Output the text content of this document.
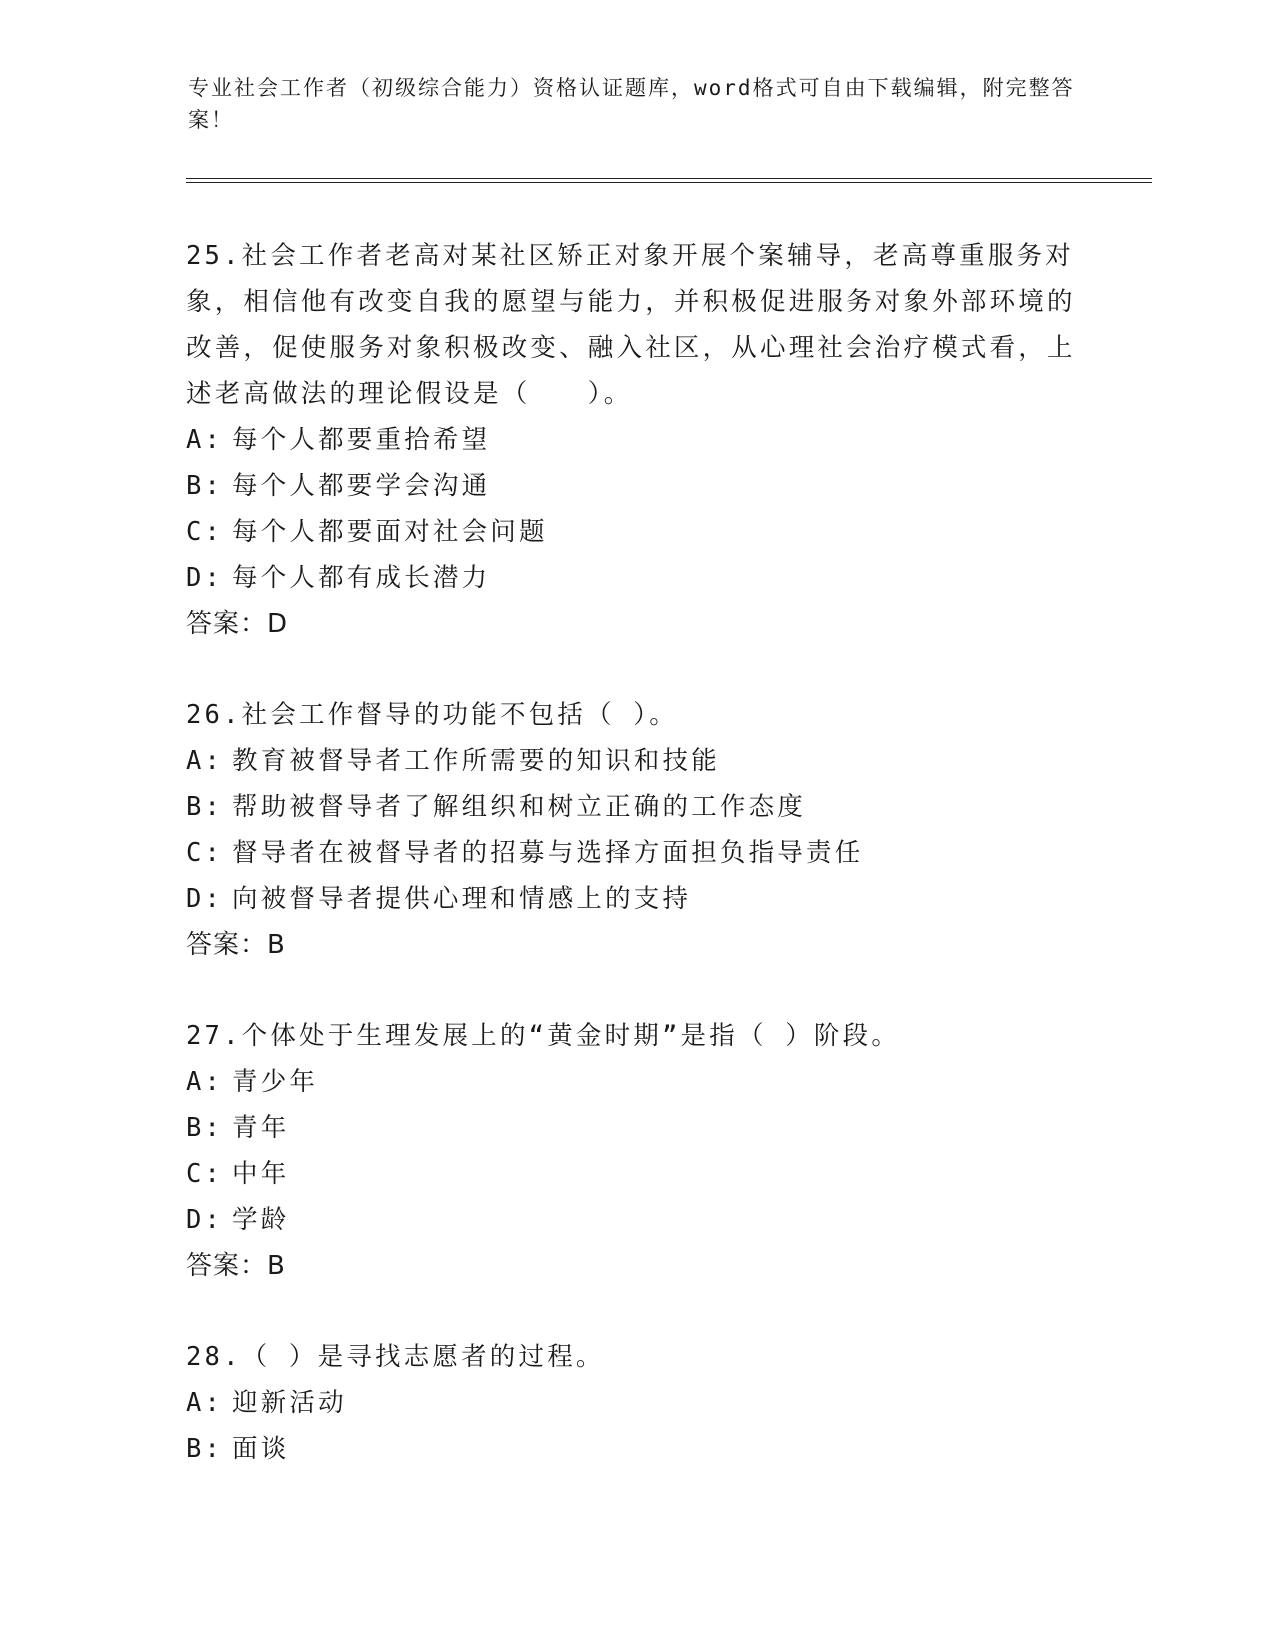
专业社会工作者（初级综合能力）资格认证题库，word格式可自由下载编辑，附完整答案！

25.社会工作者老高对某社区矫正对象开展个案辅导，老高尊重服务对象，相信他有改变自我的愿望与能力，并积极促进服务对象外部环境的改善，促使服务对象积极改变、融入社区，从心理社会治疗模式看，上述老高做法的理论假设是（　　）。

A: 每个人都要重拾希望

B: 每个人都要学会沟通

C: 每个人都要面对社会问题

D: 每个人都有成长潜力

答案：D

26.社会工作督导的功能不包括（ ）。

A: 教育被督导者工作所需要的知识和技能

B: 帮助被督导者了解组织和树立正确的工作态度

C: 督导者在被督导者的招募与选择方面担负指导责任

D: 向被督导者提供心理和情感上的支持

答案：B

27.个体处于生理发展上的“黄金时期”是指（ ）阶段。

A: 青少年

B: 青年

C: 中年

D: 学龄

答案：B

28.（ ）是寻找志愿者的过程。

A: 迎新活动

B: 面谈
